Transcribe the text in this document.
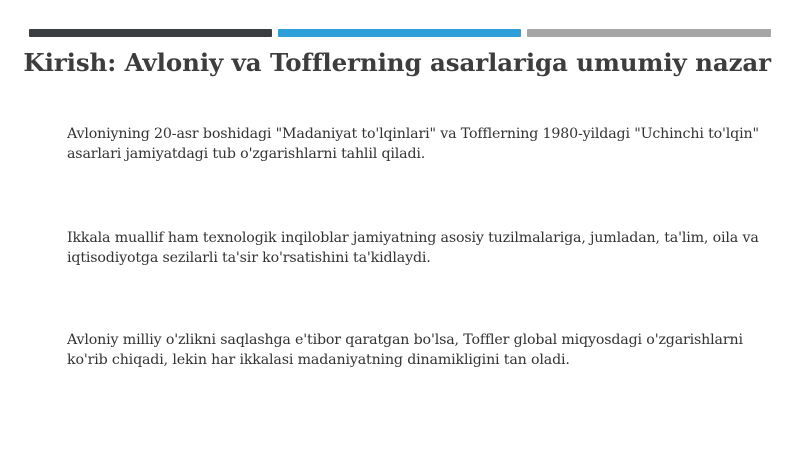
Kirish: Avloniy va Tofflerning asarlariga umumiy nazar
Avloniyning 20-asr boshidagi "Madaniyat to'lqinlari" va Tofflerning 1980-yildagi "Uchinchi to'lqin" asarlari jamiyatdagi tub o'zgarishlarni tahlil qiladi.
Ikkala muallif ham texnologik inqiloblar jamiyatning asosiy tuzilmalariga, jumladan, ta'lim, oila va iqtisodiyotga sezilarli ta'sir ko'rsatishini ta'kidlaydi.
Avloniy milliy o'zlikni saqlashga e'tibor qaratgan bo'lsa, Toffler global miqyosdagi o'zgarishlarni ko'rib chiqadi, lekin har ikkalasi madaniyatning dinamikligini tan oladi.
